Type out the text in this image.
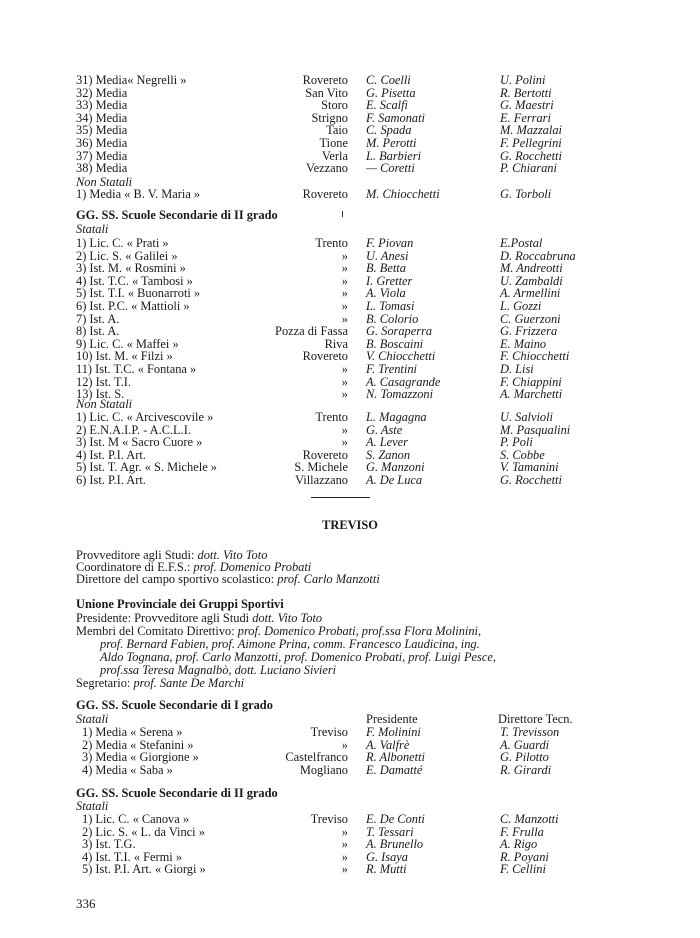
31) Media« Negrelli »	Rovereto C. Coelli	U. Polini
32) Media	San Vito G. Pisetta	R. Bertotti
33) Media	Storo E. Scalfi	G. Maestri
34) Media	Strigno F. Samonati	E. Ferrari
35) Media	Taio C. Spada	M. Mazzalai
36) Media	Tione M. Perotti	F. Pellegrini
37) Media	Verla L. Barbieri	G. Rocchetti
38) Media	Vezzano — Coretti	P. Chiarani
Non Statali
1) Media « B. V. Maria »	Rovereto M. Chiocchetti	G. Torboli
GG. SS. Scuole Secondarie di II grado
Statali
1) Lic. C. « Prati »	Trento F. Piovan	E.Postal
2) Lic. S. « Galilei »	» U. Anesi	D. Roccabruna
3) Ist. M. « Rosmini »	» B. Betta	M. Andreotti
4) Ist. T.C. « Tambosi »	» I. Gretter	U. Zambaldi
5) Ist. T.I. « Buonarroti »	» A. Viola	A. Armellini
6) Ist. P.C. « Mattioli »	» L. Tomasi	L. Gozzi
7) Ist. A.	» B. Colorio	C. Guerzoni
8) Ist. A.	Pozza di Fassa G. Soraperra	G. Frizzera
9) Lic. C. « Maffei »	Riva B. Boscaini	E. Maino
10) Ist. M. « Filzi »	Rovereto V. Chiocchetti	F. Chiocchetti
11) Ist. T.C. « Fontana »	» F. Trentini	D. Lisi
12) Ist. T.I.	» A. Casagrande	F. Chiappini
13) Ist. S.	» N. Tomazzoni	A. Marchetti
Non Statali
1) Lic. C. « Arcivescovile »	Trento L. Magagna	U. Salvioli
2) E.N.A.I.P. - A.C.L.I.	» G. Aste	M. Pasqualini
3) Ist. M « Sacro Cuore »	» A. Lever	P. Poli
4) Ist. P.I. Art.	Rovereto S. Zanon	S. Cobbe
5) Ist. T. Agr. « S. Michele »	S. Michele G. Manzoni	V. Tamanini
6) Ist. P.I. Art.	Villazzano A. De Luca	G. Rocchetti
TREVISO
Provveditore agli Studi: dott. Vito Toto
Coordinatore di E.F.S.: prof. Domenico Probati
Direttore del campo sportivo scolastico: prof. Carlo Manzotti
Unione Provinciale dei Gruppi Sportivi
Presidente: Provveditore agli Studi dott. Vito Toto
Membri del Comitato Direttivo: prof. Domenico Probati, prof.ssa Flora Molinini,
prof. Bernard Fabien, prof. Aimone Prina, comm. Francesco Laudicina, ing.
Aldo Tognana, prof. Carlo Manzotti, prof. Domenico Probati, prof. Luigi Pesce,
prof.ssa Teresa Magnalbò, dott. Luciano Sivieri
Segretario: prof. Sante De Marchi
GG. SS. Scuole Secondarie di I grado
Statali	Presidente	Direttore Tecn.
1) Media « Serena »	Treviso F. Molinini	T. Trevisson
2) Media « Stefanini »	» A. Valfrè	A. Guardi
3) Media « Giorgione »	Castelfranco R. Albonetti	G. Pilotto
4) Media « Saba »	Mogliano E. Damatté	R. Girardi
GG. SS. Scuole Secondarie di II grado
Statali
1) Lic. C. « Canova »	Treviso E. De Conti	C. Manzotti
2) Lic. S. « L. da Vinci »	» T. Tessari	F. Frulla
3) Ist. T.G.	» A. Brunello	A. Rigo
4) Ist. T.I. « Fermi »	» G. Isaya	R. Poyani
5) Ist. P.I. Art. « Giorgi »	» R. Mutti	F. Cellini
336
